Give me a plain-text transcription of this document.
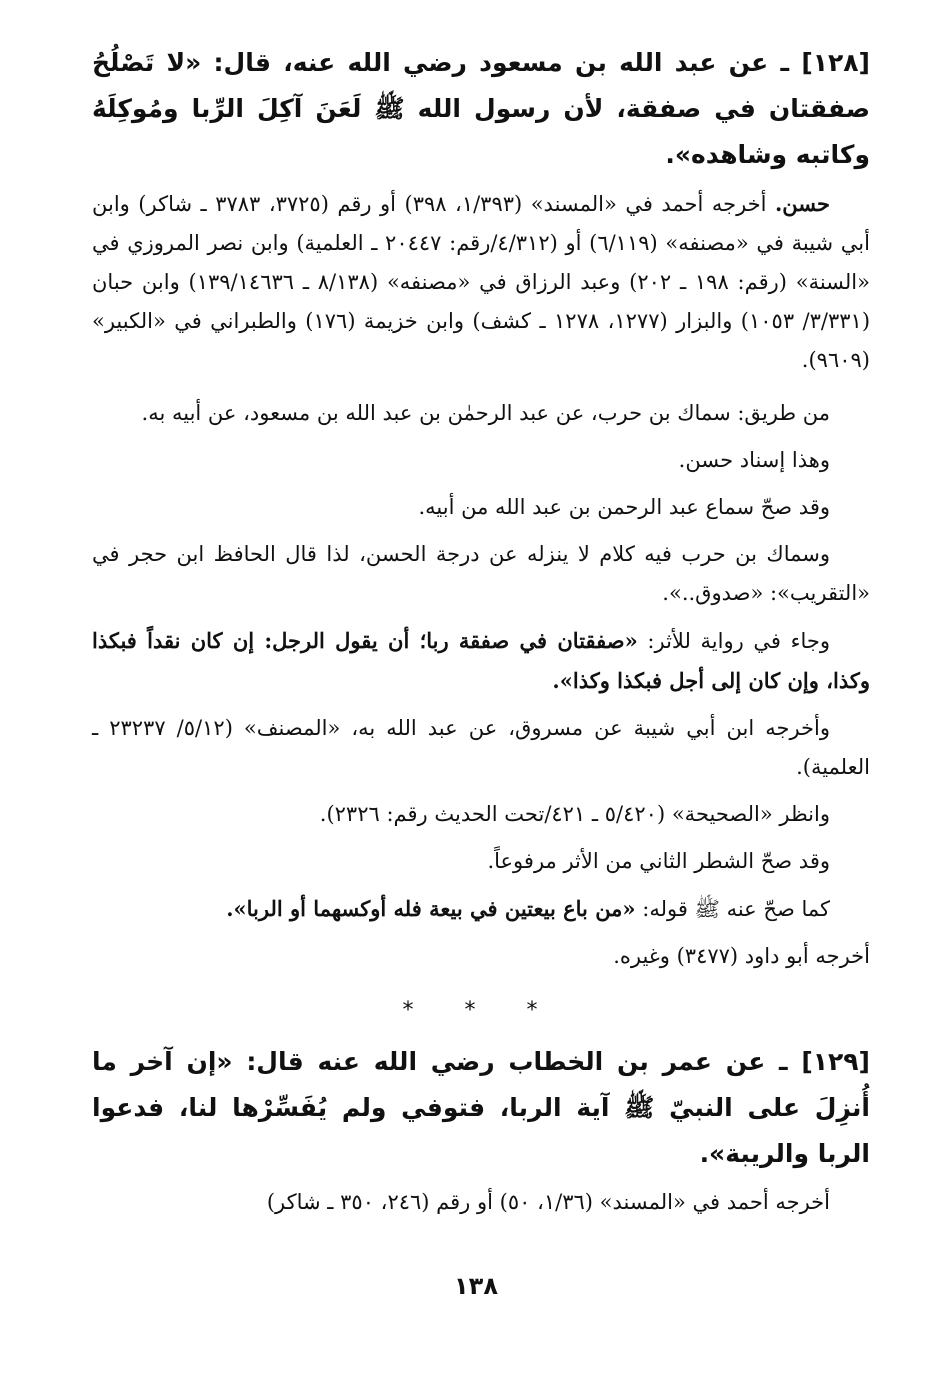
[١٢٨] ـ عن عبد الله بن مسعود رضي الله عنه، قال: «لا تَصْلُحُ صفقتان في صفقة، لأن رسول الله ﷺ لَعَنَ آكِلَ الرِّبا ومُوكِلَهُ وكاتبه وشاهده».

حسن. أخرجه أحمد في «المسند» (١/٣٩٣، ٣٩٨) أو رقم (٣٧٢٥، ٣٧٨٣ ـ شاكر) وابن أبي شيبة في «مصنفه» (٦/١١٩) أو (٤/٣١٢/رقم: ٢٠٤٤٧ ـ العلمية) وابن نصر المروزي في «السنة» (رقم: ١٩٨ ـ ٢٠٢) وعبد الرزاق في «مصنفه» (٨/١٣٨ ـ ١٣٩/١٤٦٣٦) وابن حبان (٣/٣٣١/ ١٠٥٣) والبزار (١٢٧٧، ١٢٧٨ ـ كشف) وابن خزيمة (١٧٦) والطبراني في «الكبير» (٩٦٠٩).

من طريق: سماك بن حرب، عن عبد الرحمٰن بن عبد الله بن مسعود، عن أبيه به.

وهذا إسناد حسن.

وقد صحّ سماع عبد الرحمن بن عبد الله من أبيه.

وسماك بن حرب فيه كلام لا ينزله عن درجة الحسن، لذا قال الحافظ ابن حجر في «التقريب»: «صدوق..».

وجاء في رواية للأثر: «صفقتان في صفقة ربا؛ أن يقول الرجل: إن كان نقداً فبكذا وكذا، وإن كان إلى أجل فبكذا وكذا».

وأخرجه ابن أبي شيبة عن مسروق، عن عبد الله به، «المصنف» (٥/١٢/ ٢٣٢٣٧ ـ العلمية).

وانظر «الصحيحة» (٥/٤٢٠ ـ ٤٢١/تحت الحديث رقم: ٢٣٢٦).

وقد صحّ الشطر الثاني من الأثر مرفوعاً.

كما صحّ عنه ﷺ قوله: «من باع بيعتين في بيعة فله أوكسهما أو الربا».

أخرجه أبو داود (٣٤٧٧) وغيره.

* * *

[١٢٩] ـ عن عمر بن الخطاب رضي الله عنه قال: «إن آخر ما أُنزِلَ على النبيّ ﷺ آية الربا، فتوفي ولم يُفَسِّرْها لنا، فدعوا الربا والريبة».

أخرجه أحمد في «المسند» (١/٣٦، ٥٠) أو رقم (٢٤٦، ٣٥٠ ـ شاكر)

١٣٨
